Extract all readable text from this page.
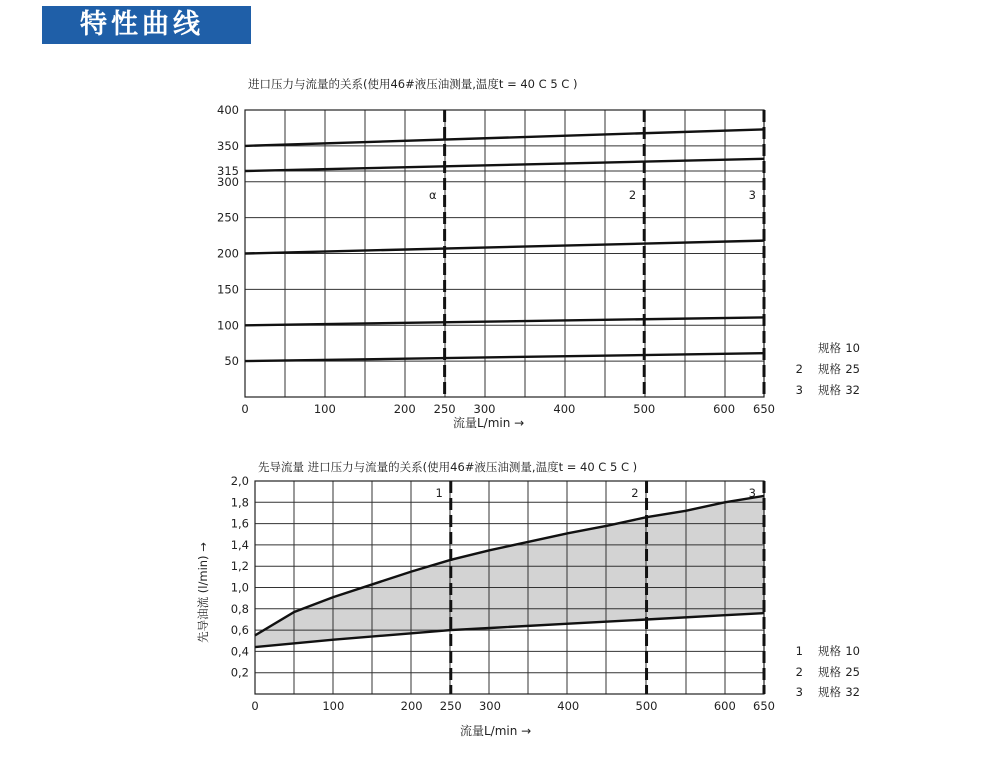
特性曲线
α	2	3
50
100
150
200
250
300
315
350
400
0	100	200 250 300	400	500	600 650
进口压力与流量的关系(使用46#液压油测量,温度t = 40 C 5 C )
流量L/min →
规格 10
2 规格 25
3 规格 32
1	2	3
0,2
0,4
0,6
0,8
1,0
1,2
1,4
1,6
1,8
2,0
0	100	200 250 300	400	500	600 650
先导流量 进口压力与流量的关系(使用46#液压油测量,温度t = 40 C 5 C )
流量L/min →
先导油流 (l/min) →
1 规格 10
2 规格 25
3 规格 32
